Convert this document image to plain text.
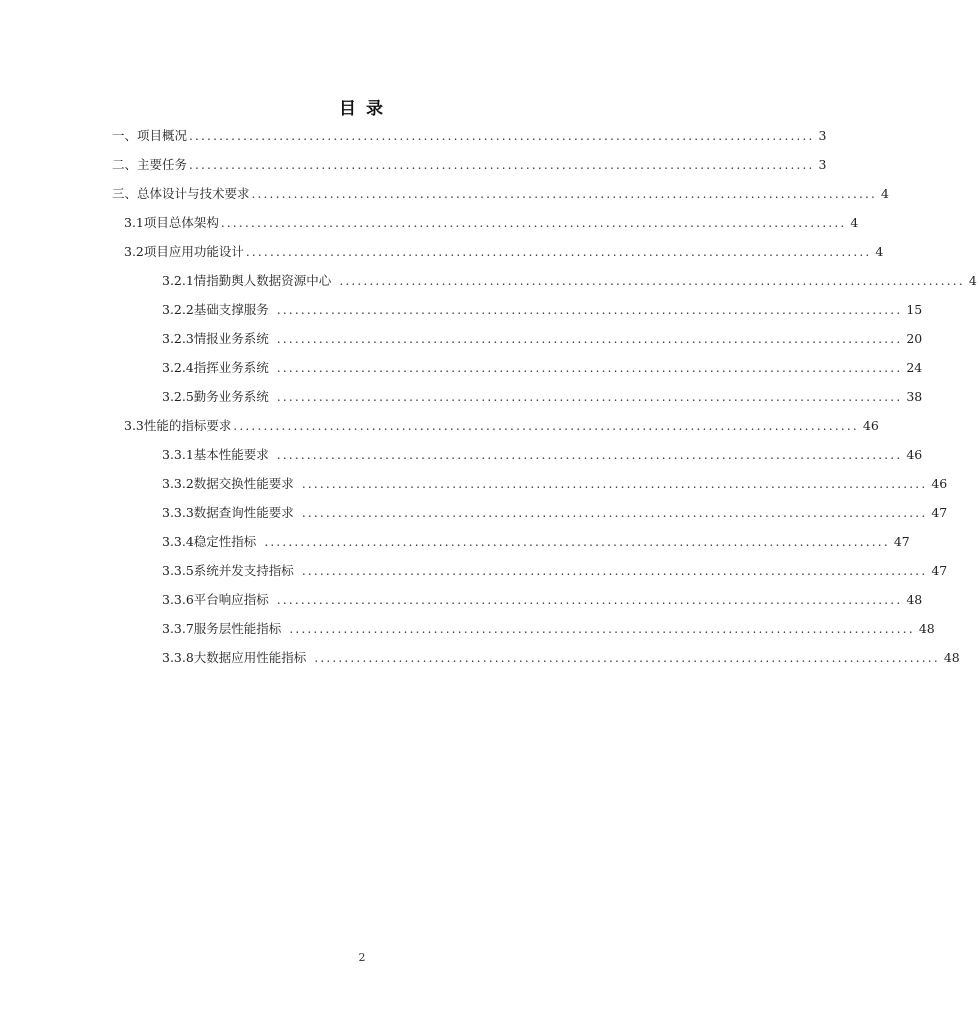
目 录
一、项目概况 ........................................................................................................ 3
二、主要任务 ........................................................................................................ 3
三、总体设计与技术要求 ........................................................................................................ 4
3.1项目总体架构 ........................................................................................................ 4
3.2项目应用功能设计 ........................................................................................................ 4
3.2.1情指勤舆人数据资源中心 ........................................................................................................ 4
3.2.2基础支撑服务 ........................................................................................................ 15
3.2.3情报业务系统 ........................................................................................................ 20
3.2.4指挥业务系统 ........................................................................................................ 24
3.2.5勤务业务系统 ........................................................................................................ 38
3.3性能的指标要求 ........................................................................................................ 46
3.3.1基本性能要求 ........................................................................................................ 46
3.3.2数据交换性能要求 ........................................................................................................ 46
3.3.3数据查询性能要求 ........................................................................................................ 47
3.3.4稳定性指标 ........................................................................................................ 47
3.3.5系统并发支持指标 ........................................................................................................ 47
3.3.6平台响应指标 ........................................................................................................ 48
3.3.7服务层性能指标 ........................................................................................................ 48
3.3.8大数据应用性能指标 ........................................................................................................ 48
2
